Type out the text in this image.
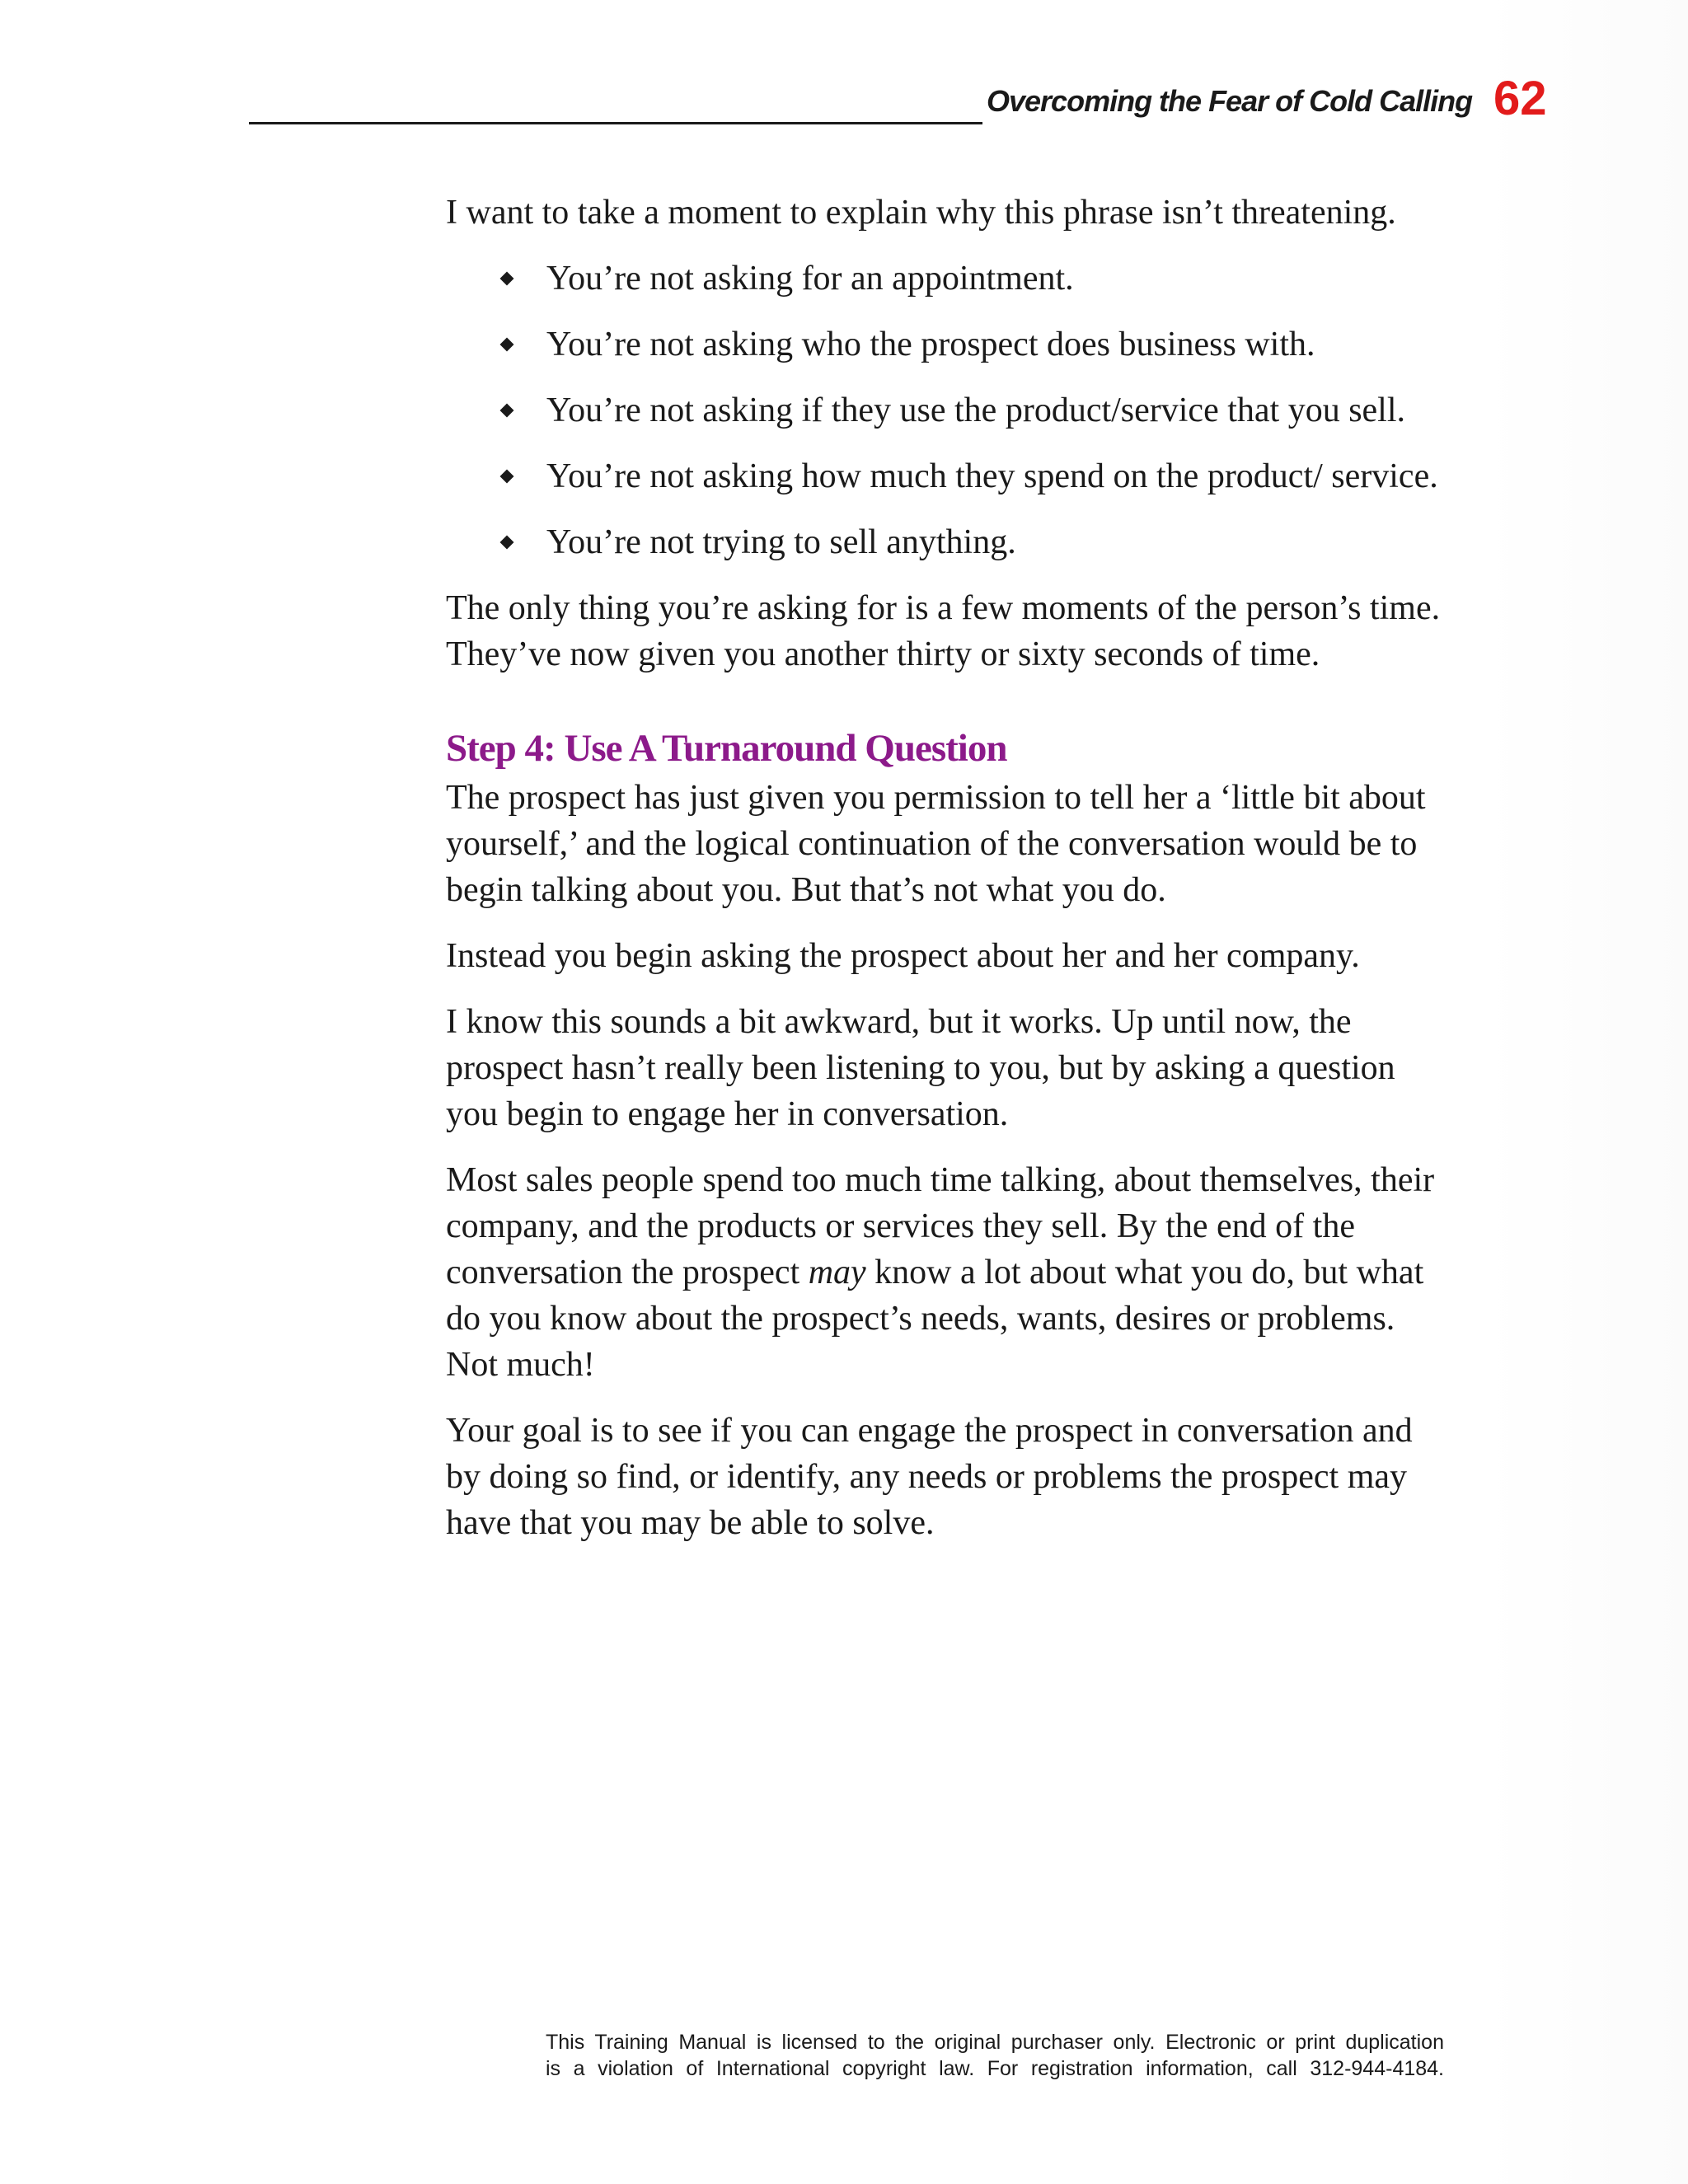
Overcoming the Fear of Cold Calling 62

I want to take a moment to explain why this phrase isn’t threatening.

You’re not asking for an appointment.
You’re not asking who the prospect does business with.
You’re not asking if they use the product/service that you sell.
You’re not asking how much they spend on the product/ service.
You’re not trying to sell anything.

The only thing you’re asking for is a few moments of the person’s time. They’ve now given you another thirty or sixty seconds of time.

Step 4: Use A Turnaround Question

The prospect has just given you permission to tell her a ‘little bit about yourself,’ and the logical continuation of the conversation would be to begin talking about you. But that’s not what you do.

Instead you begin asking the prospect about her and her company.

I know this sounds a bit awkward, but it works. Up until now, the prospect hasn’t really been listening to you, but by asking a question you begin to engage her in conversation.

Most sales people spend too much time talking, about themselves, their company, and the products or services they sell. By the end of the conversation the prospect may know a lot about what you do, but what do you know about the prospect’s needs, wants, desires or problems. Not much!

Your goal is to see if you can engage the prospect in conversation and by doing so find, or identify, any needs or problems the prospect may have that you may be able to solve.

This Training Manual is licensed to the original purchaser only. Electronic or print duplication
is a violation of International copyright law. For registration information, call 312-944-4184.
